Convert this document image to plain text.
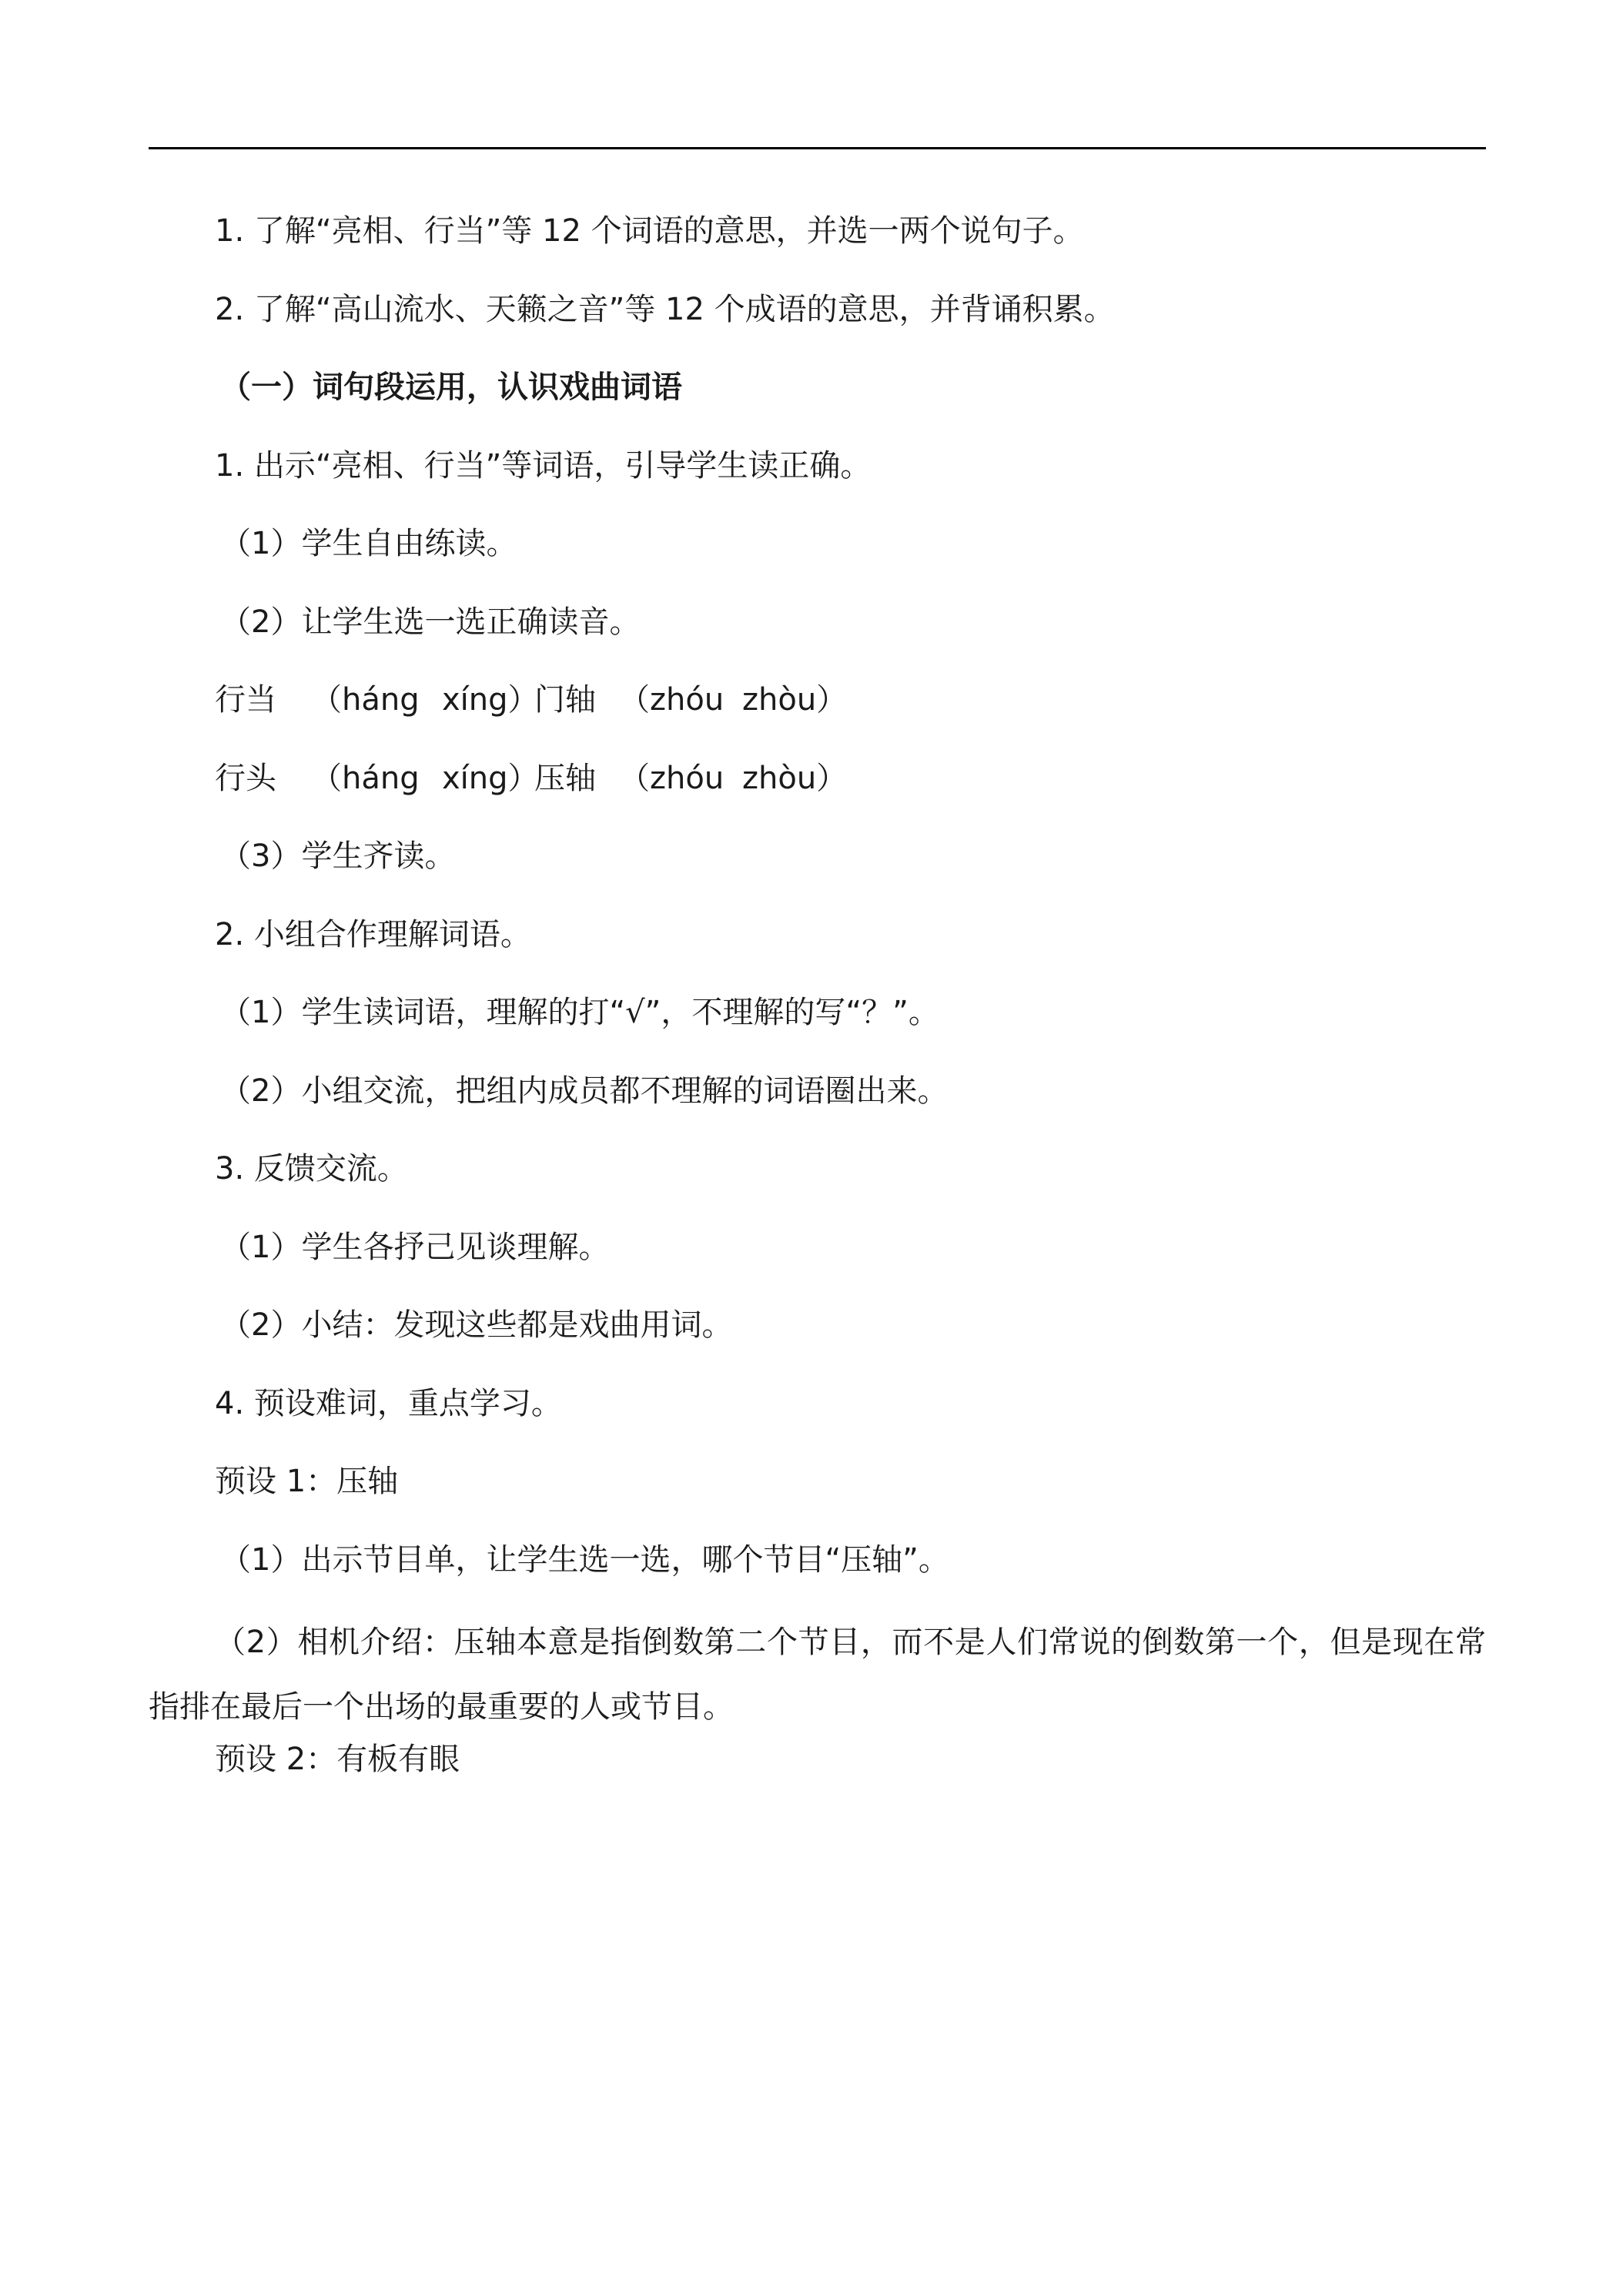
1. 了解“亮相、行当”等 12 个词语的意思，并选一两个说句子。

2. 了解“高山流水、天籁之音”等 12 个成语的意思，并背诵积累。

（一）词句段运用，认识戏曲词语

1. 出示“亮相、行当”等词语，引导学生读正确。

（1）学生自由练读。

（2）让学生选一选正确读音。

行当	（háng xíng）
门轴 （zhóu zhòu）
行头	（háng xíng）
压轴 （zhóu zhòu）

（3）学生齐读。

2. 小组合作理解词语。

（1）学生读词语，理解的打“√”，不理解的写“？”。

（2）小组交流，把组内成员都不理解的词语圈出来。

3. 反馈交流。

（1）学生各抒己见谈理解。

（2）小结：发现这些都是戏曲用词。

4. 预设难词，重点学习。

预设 1：压轴

（1）出示节目单，让学生选一选，哪个节目“压轴”。

（2）相机介绍：压轴本意是指倒数第二个节目，而不是人们常说的倒数第一个，但是现在常指排在最后一个出场的最重要的人或节目。

预设 2：有板有眼
